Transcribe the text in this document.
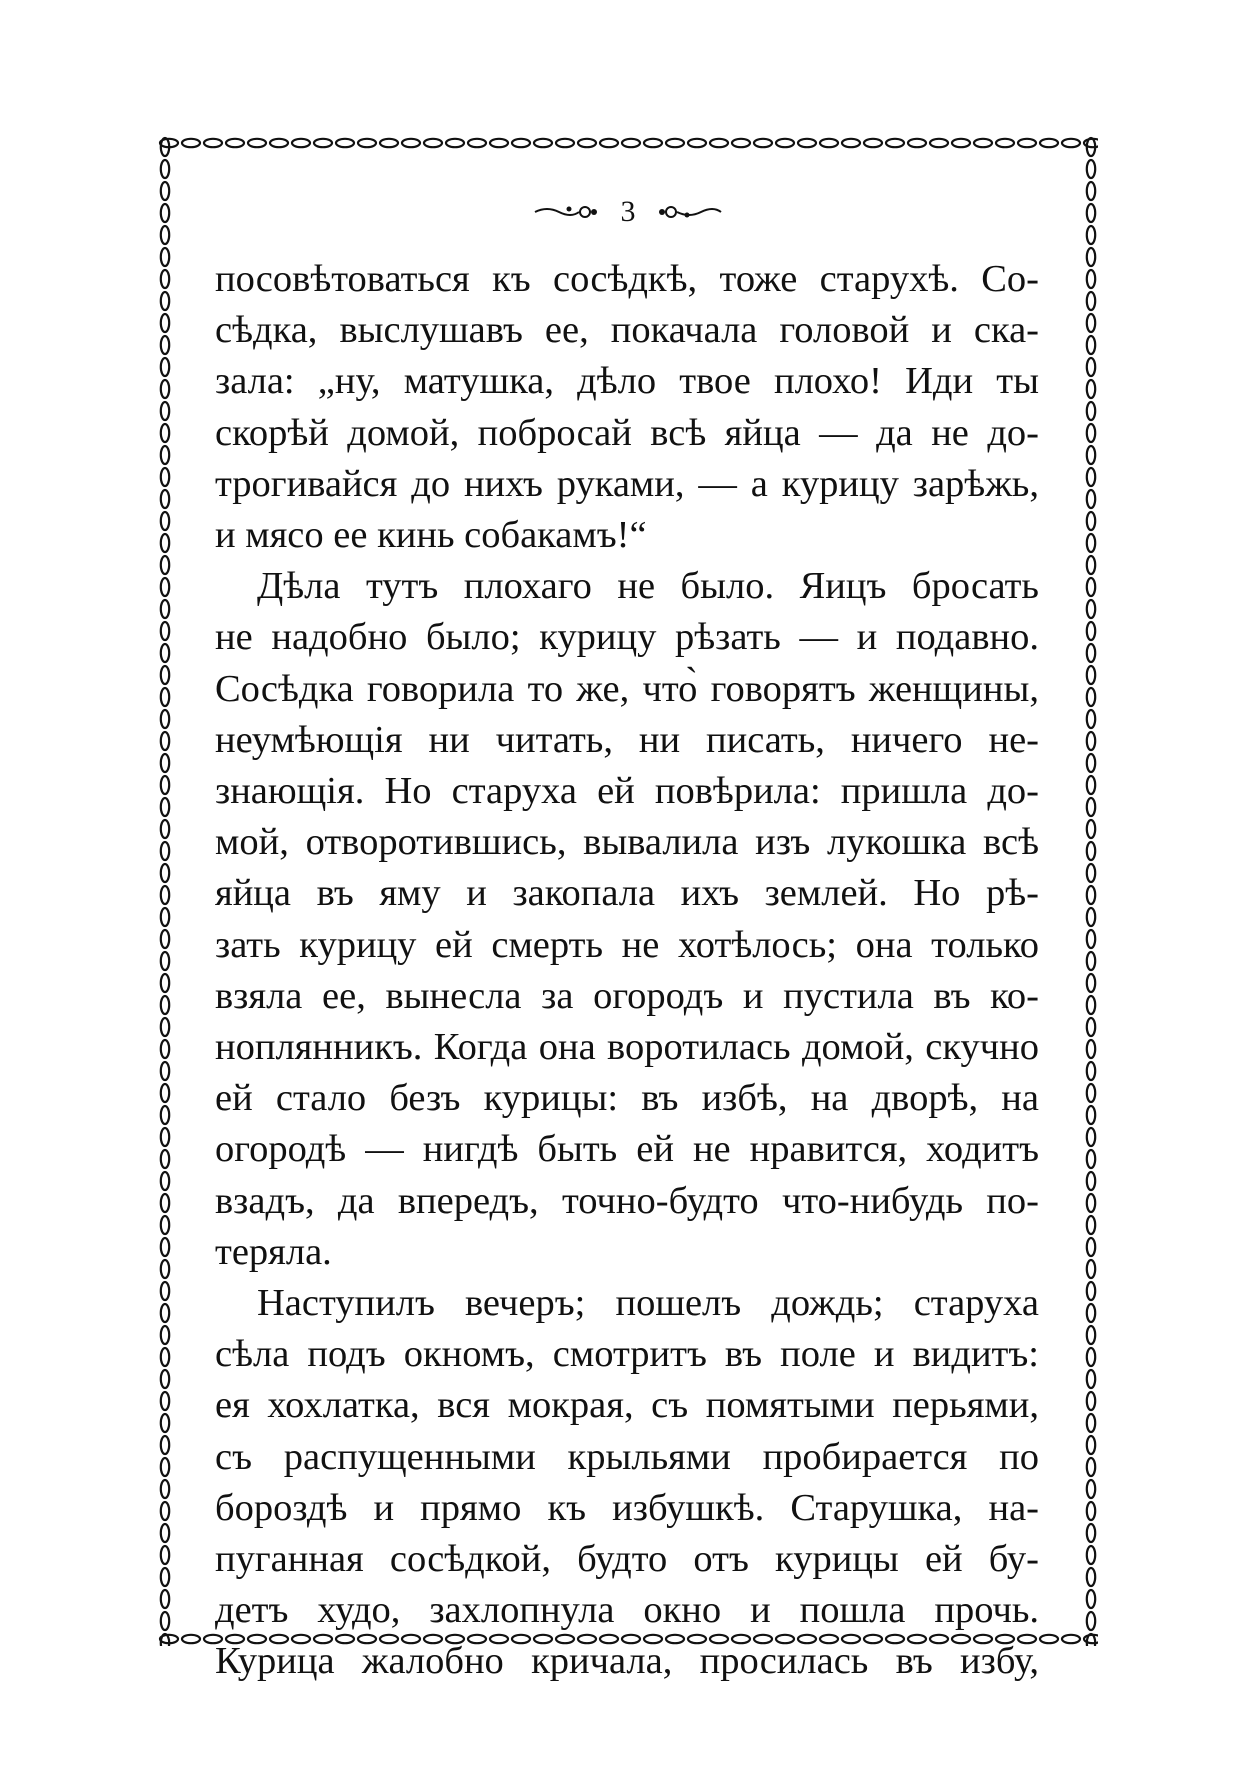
3

посовѣтоваться къ сосѣдкѣ, тоже старухѣ. Со-
сѣдка, выслушавъ ее, покачала головой и ска-
зала: „ну, матушка, дѣло твое плохо! Иди ты
скорѣй домой, побросай всѣ яйца — да не до-
трогивайся до нихъ руками, — а курицу зарѣжь,
и мясо ее кинь собакамъ!“

Дѣла тутъ плохаго не было. Яицъ бросать
не надобно было; курицу рѣзать — и подавно.
Сосѣдка говорила то же, что̀ говорятъ женщины,
неумѣющія ни читать, ни писать, ничего не-
знающія. Но старуха ей повѣрила: пришла до-
мой, отворотившись, вывалила изъ лукошка всѣ
яйца въ яму и закопала ихъ землей. Но рѣ-
зать курицу ей смерть не хотѣлось; она только
взяла ее, вынесла за огородъ и пустила въ ко-
ноплянникъ. Когда она воротилась домой, скучно
ей стало безъ курицы: въ избѣ, на дворѣ, на
огородѣ — нигдѣ быть ей не нравится, ходитъ
взадъ, да впередъ, точно-будто что-нибудь по-
теряла.

Наступилъ вечеръ; пошелъ дождь; старуха
сѣла подъ окномъ, смотритъ въ поле и видитъ:
ея хохлатка, вся мокрая, съ помятыми перьями,
съ распущенными крыльями пробирается по
бороздѣ и прямо къ избушкѣ. Старушка, на-
пуганная сосѣдкой, будто отъ курицы ей бу-
детъ худо, захлопнула окно и пошла прочь.
Курица жалобно кричала, просилась въ избу,
